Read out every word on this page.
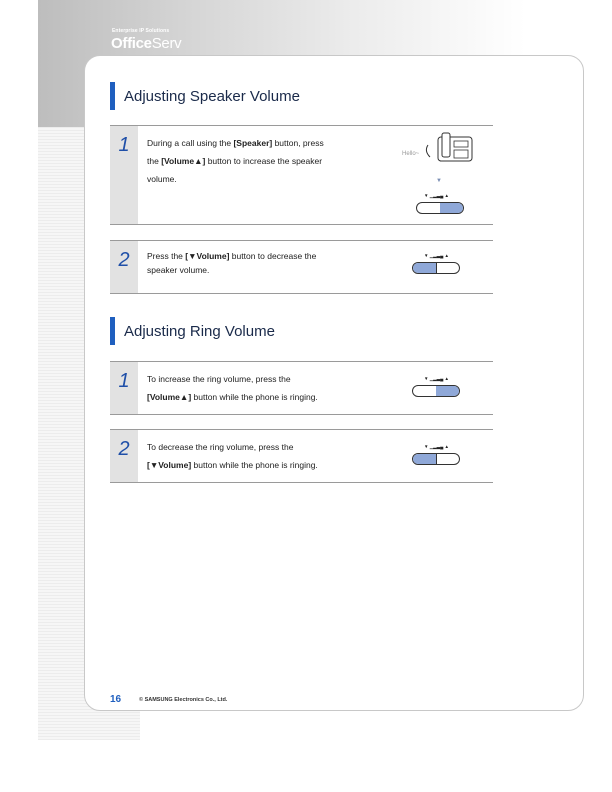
Enterprise IP Solutions
OfficeServ
Adjusting Speaker Volume
1	During a call using the [Speaker] button, press
the [Volume▲] button to increase the speaker
volume.
Hello~
▼
▼ ▁▂▃▄ ▲
2	Press the [▼Volume] button to decrease the
speaker volume.
▼ ▁▂▃▄ ▲
Adjusting Ring Volume
1	To increase the ring volume, press the
[Volume▲] button while the phone is ringing.
▼ ▁▂▃▄ ▲
2	To decrease the ring volume, press the
[▼Volume] button while the phone is ringing.
▼ ▁▂▃▄ ▲
16	© SAMSUNG Electronics Co., Ltd.
